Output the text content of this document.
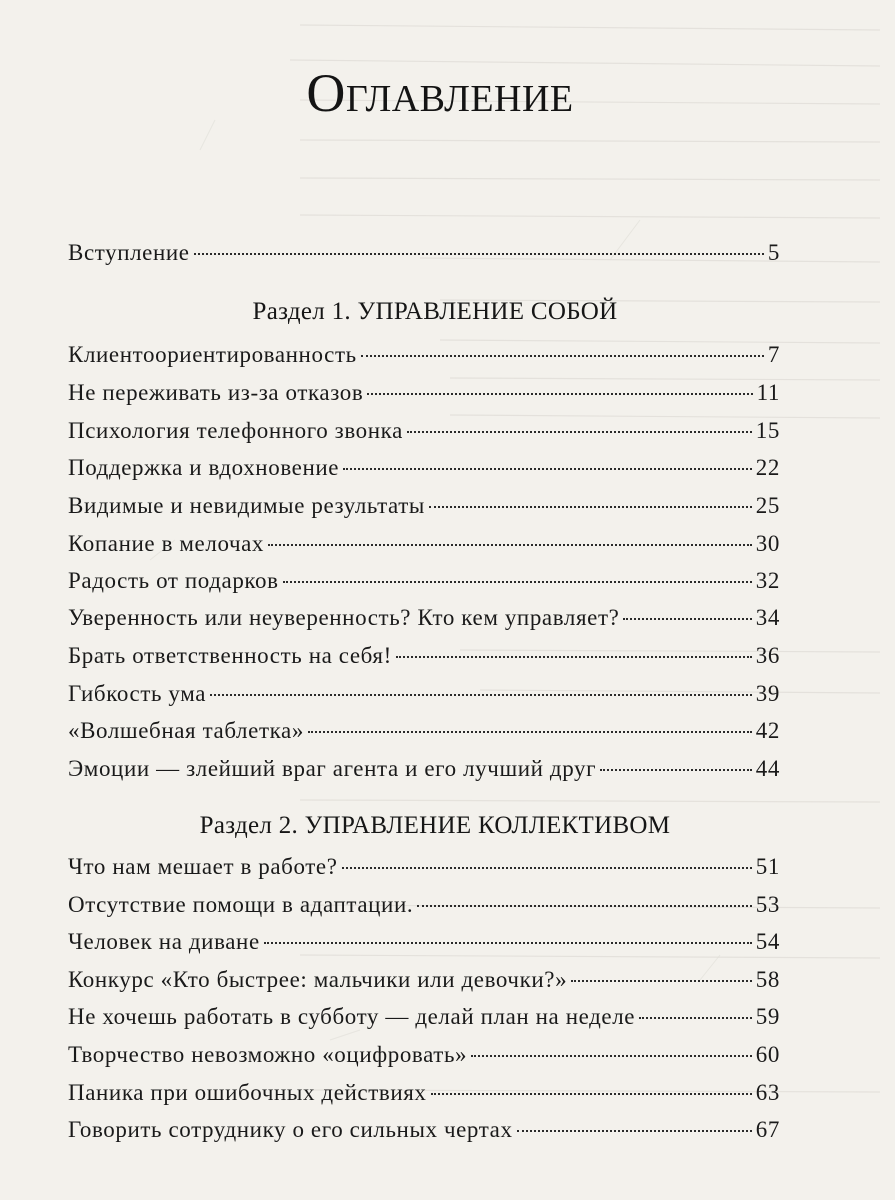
Оглавление
Вступление	5
Раздел 1. УПРАВЛЕНИЕ СОБОЙ
Клиентоориентированность	7
Не переживать из-за отказов	11
Психология телефонного звонка	15
Поддержка и вдохновение	22
Видимые и невидимые результаты	25
Копание в мелочах	30
Радость от подарков	32
Уверенность или неуверенность? Кто кем управляет?	34
Брать ответственность на себя!	36
Гибкость ума	39
«Волшебная таблетка»	42
Эмоции — злейший враг агента и его лучший друг	44
Раздел 2. УПРАВЛЕНИЕ КОЛЛЕКТИВОМ
Что нам мешает в работе?	51
Отсутствие помощи в адаптации.	53
Человек на диване	54
Конкурс «Кто быстрее: мальчики или девочки?»	58
Не хочешь работать в субботу — делай план на неделе	59
Творчество невозможно «оцифровать»	60
Паника при ошибочных действиях	63
Говорить сотруднику о его сильных чертах	67
